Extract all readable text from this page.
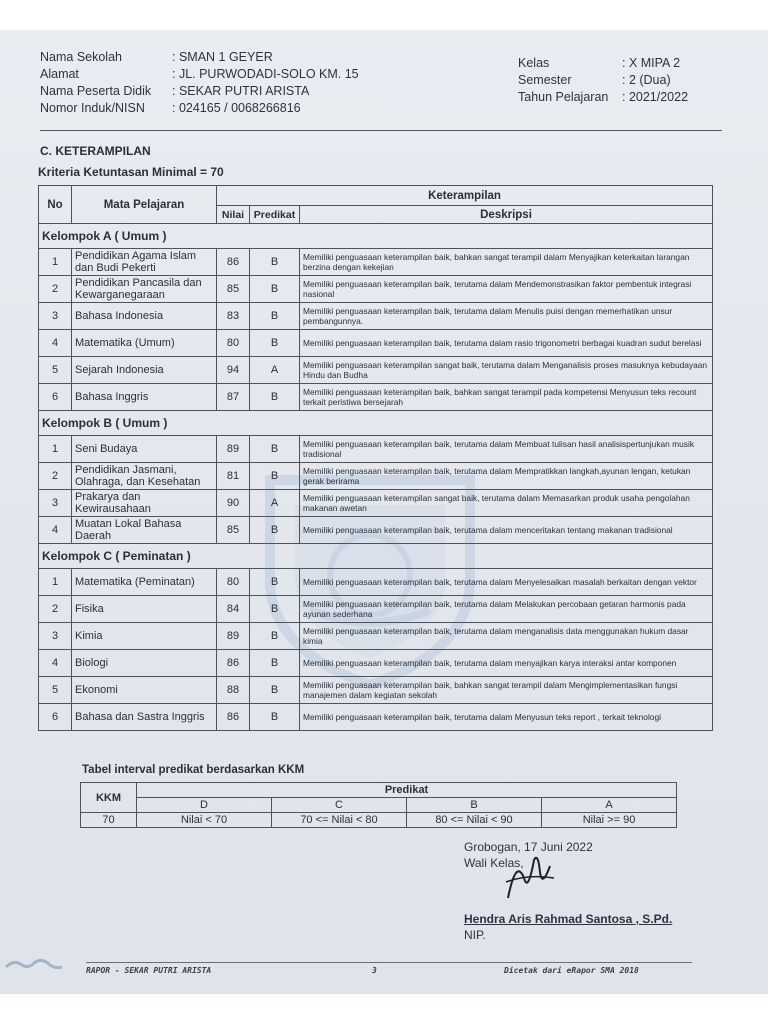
Nama Sekolah	: SMAN 1 GEYER
Alamat	: JL. PURWODADI-SOLO KM. 15
Nama Peserta Didik : SEKAR PUTRI ARISTA
Nomor Induk/NISN : 024165 / 0068266816
Kelas	: X MIPA 2
Semester	: 2 (Dua)
Tahun Pelajaran : 2021/2022
C. KETERAMPILAN
Kriteria Ketuntasan Minimal = 70
No	Mata Pelajaran	Keterampilan		
		Nilai	Predikat	Deskripsi
Kelompok A ( Umum )				
1	Pendidikan Agama Islam dan Budi Pekerti	86	B	Memiliki penguasaan keterampilan baik, bahkan sangat terampil dalam Menyajikan keterkaitan larangan berzina dengan kekejian
2	Pendidikan Pancasila dan Kewarganegaraan	85	B	Memiliki penguasaan keterampilan baik, terutama dalam Mendemonstrasikan faktor pembentuk integrasi nasional
3	Bahasa Indonesia	83	B	Memiliki penguasaan keterampilan baik, terutama dalam Menulis puisi dengan memerhatikan unsur pembangunnya.
4	Matematika (Umum)	80	B	Memiliki penguasaan keterampilan baik, terutama dalam rasio trigonometri berbagai kuadran sudut berelasi
5	Sejarah Indonesia	94	A	Memiliki penguasaan keterampilan sangat baik, terutama dalam Menganalisis proses masuknya kebudayaan Hindu dan Budha
6	Bahasa Inggris	87	B	Memiliki penguasaan keterampilan baik, bahkan sangat terampil pada kompetensi Menyusun teks recount terkait peristiwa bersejarah
Kelompok B ( Umum )				
1	Seni Budaya	89	B	Memiliki penguasaan keterampilan baik, terutama dalam Membuat tulisan hasil analisispertunjukan musik tradisional
2	Pendidikan Jasmani, Olahraga, dan Kesehatan	81	B	Memiliki penguasaan keterampilan baik, terutama dalam Mempratikkan langkah,ayunan lengan, ketukan gerak berirama
3	Prakarya dan Kewirausahaan	90	A	Memiliki penguasaan keterampilan sangat baik, terutama dalam Memasarkan produk usaha pengolahan makanan awetan
4	Muatan Lokal Bahasa Daerah	85	B	Memiliki penguasaan keterampilan baik, terutama dalam menceritakan tentang makanan tradisional
Kelompok C ( Peminatan )				
1	Matematika (Peminatan)	80	B	Memiliki penguasaan keterampilan baik, terutama dalam Menyelesaikan masalah berkaitan dengan vektor
2	Fisika	84	B	Memiliki penguasaan keterampilan baik, terutama dalam Melakukan percobaan getaran harmonis pada ayunan sederhana
3	Kimia	89	B	Memiliki penguasaan keterampilan baik, terutama dalam menganalisis data menggunakan hukum dasar kimia
4	Biologi	86	B	Memiliki penguasaan keterampilan baik, terutama dalam menyajikan karya interaksi antar komponen
5	Ekonomi	88	B	Memiliki penguasaan keterampilan baik, bahkan sangat terampil dalam Mengimplementasikan fungsi manajemen dalam kegiatan sekolah
6	Bahasa dan Sastra Inggris	86	B	Memiliki penguasaan keterampilan baik, terutama dalam Menyusun teks report , terkait teknologi
Tabel interval predikat berdasarkan KKM
KKM	Predikat			
	D	C	B	A
70	Nilai < 70	70 <= Nilai < 80	80 <= Nilai < 90	Nilai >= 90
Grobogan, 17 Juni 2022
Wali Kelas,
Hendra Aris Rahmad Santosa , S.Pd.
NIP.
RAPOR - SEKAR PUTRI ARISTA	3	Dicetak dari eRapor SMA 2018
